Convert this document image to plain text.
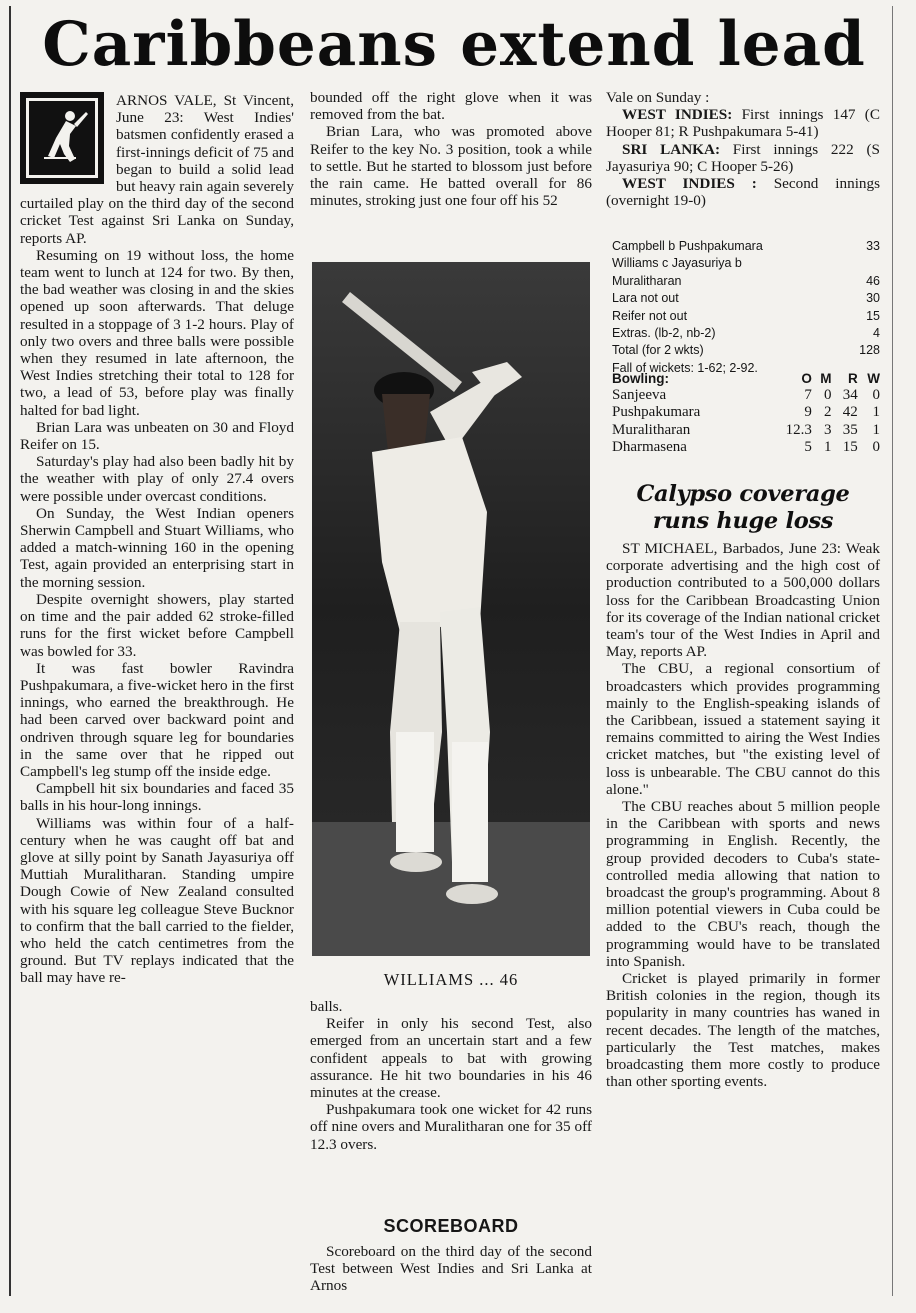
Caribbeans extend lead

ARNOS VALE, St Vincent, June 23: West Indies' batsmen confidently erased a first-innings deficit of 75 and began to build a solid lead but heavy rain again severely curtailed play on the third day of the second cricket Test against Sri Lanka on Sunday, reports AP.

Resuming on 19 without loss, the home team went to lunch at 124 for two. By then, the bad weather was closing in and the skies opened up soon afterwards. That deluge resulted in a stoppage of 3 1-2 hours. Play of only two overs and three balls were possible when they resumed in late afternoon, the West Indies stretching their total to 128 for two, a lead of 53, before play was finally halted for bad light.

Brian Lara was unbeaten on 30 and Floyd Reifer on 15.

Saturday's play had also been badly hit by the weather with play of only 27.4 overs were possible under overcast conditions.

On Sunday, the West Indian openers Sherwin Campbell and Stuart Williams, who added a match-winning 160 in the opening Test, again provided an enterprising start in the morning session.

Despite overnight showers, play started on time and the pair added 62 stroke-filled runs for the first wicket before Campbell was bowled for 33.

It was fast bowler Ravindra Pushpakumara, a five-wicket hero in the first innings, who earned the breakthrough. He had been carved over backward point and ondriven through square leg for boundaries in the same over that he ripped out Campbell's leg stump off the inside edge.

Campbell hit six boundaries and faced 35 balls in his hour-long innings.

Williams was within four of a half-century when he was caught off bat and glove at silly point by Sanath Jayasuriya off Muttiah Muralitharan. Standing umpire Dough Cowie of New Zealand consulted with his square leg colleague Steve Bucknor to confirm that the ball carried to the fielder, who held the catch centimetres from the ground. But TV replays indicated that the ball may have re-

bounded off the right glove when it was removed from the bat.

Brian Lara, who was promoted above Reifer to the key No. 3 position, took a while to settle. But he started to blossom just before the rain came. He batted overall for 86 minutes, stroking just one four off his 52

WILLIAMS ... 46

balls.

Reifer in only his second Test, also emerged from an uncertain start and a few confident appeals to bat with growing assurance. He hit two boundaries in his 46 minutes at the crease.

Pushpakumara took one wicket for 42 runs off nine overs and Muralitharan one for 35 off 12.3 overs.

SCOREBOARD

Scoreboard on the third day of the second Test between West Indies and Sri Lanka at Arnos

Vale on Sunday :

WEST INDIES: First innings 147 (C Hooper 81; R Pushpakumara 5-41)

SRI LANKA: First innings 222 (S Jayasuriya 90; C Hooper 5-26)

WEST INDIES : Second innings (overnight 19-0)

Campbell b Pushpakumara	33
Williams c Jayasuriya b
Muralitharan	46
Lara not out	30
Reifer not out	15
Extras. (lb-2, nb-2)	4
Total (for 2 wkts)	128
Fall of wickets: 1-62; 2-92.
Bowling:	O	M	R	W
Sanjeeva	7	0	34	0
Pushpakumara	9	2	42	1
Muralitharan	12.3	3	35	1
Dharmasena	5	1	15	0
Calypso coverage
runs huge loss

ST MICHAEL, Barbados, June 23: Weak corporate advertising and the high cost of production contributed to a 500,000 dollars loss for the Caribbean Broadcasting Union for its coverage of the Indian national cricket team's tour of the West Indies in April and May, reports AP.

The CBU, a regional consortium of broadcasters which provides programming mainly to the English-speaking islands of the Caribbean, issued a statement saying it remains committed to airing the West Indies cricket matches, but "the existing level of loss is unbearable. The CBU cannot do this alone."

The CBU reaches about 5 million people in the Caribbean with sports and news programming in English. Recently, the group provided decoders to Cuba's state-controlled media allowing that nation to broadcast the group's programming. About 8 million potential viewers in Cuba could be added to the CBU's reach, though the programming would have to be translated into Spanish.

Cricket is played primarily in former British colonies in the region, though its popularity in many countries has waned in recent decades. The length of the matches, particularly the Test matches, makes broadcasting them more costly to produce than other sporting events.
